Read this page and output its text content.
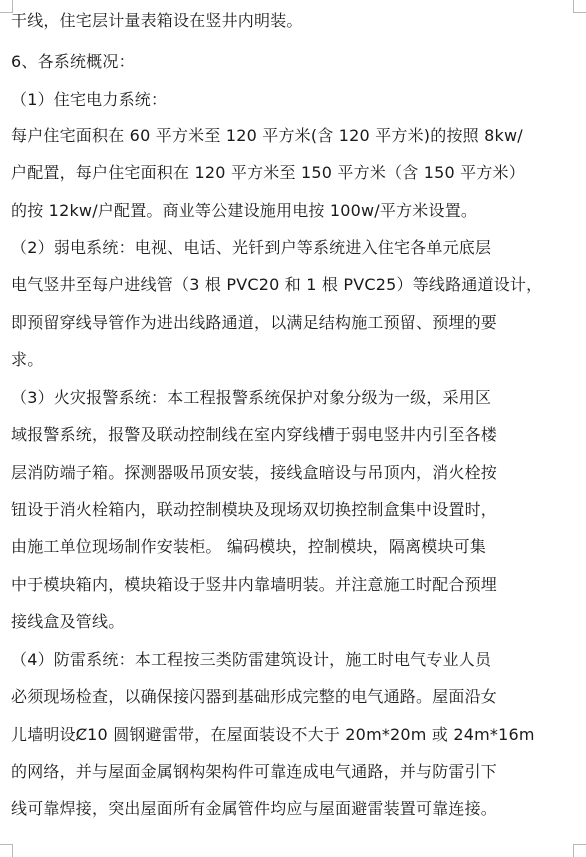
干线，住宅层计量表箱设在竖井内明装。
6、各系统概况：
（1）住宅电力系统：
每户住宅面积在 60 平方米至 120 平方米(含 120 平方米)的按照 8kw/
户配置，每户住宅面积在 120 平方米至 150 平方米（含 150 平方米）
的按 12kw/户配置。商业等公建设施用电按 100w/平方米设置。
（2）弱电系统：电视、电话、光钎到户等系统进入住宅各单元底层
电气竖井至每户进线管（3 根 PVC20 和 1 根 PVC25）等线路通道设计，
即预留穿线导管作为进出线路通道，以满足结构施工预留、预埋的要
求。
（3）火灾报警系统：本工程报警系统保护对象分级为一级，采用区
域报警系统，报警及联动控制线在室内穿线槽于弱电竖井内引至各楼
层消防端子箱。探测器吸吊顶安装，接线盒暗设与吊顶内，消火栓按
钮设于消火栓箱内，联动控制模块及现场双切换控制盒集中设置时，
由施工单位现场制作安装柜。 编码模块，控制模块，隔离模块可集
中于模块箱内，模块箱设于竖井内靠墙明装。并注意施工时配合预埋
接线盒及管线。
（4）防雷系统：本工程按三类防雷建筑设计，施工时电气专业人员
必须现场检查，以确保接闪器到基础形成完整的电气通路。屋面沿女
儿墙明设Ȼ10 圆钢避雷带，在屋面装设不大于 20m*20m 或 24m*16m
的网络，并与屋面金属钢构架构件可靠连成电气通路，并与防雷引下
线可靠焊接，突出屋面所有金属管件均应与屋面避雷装置可靠连接。
